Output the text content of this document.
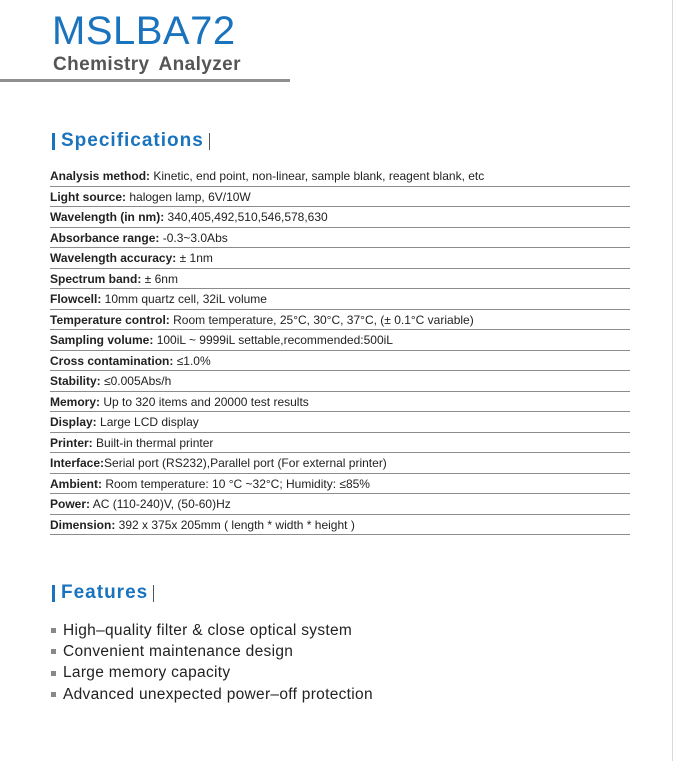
MSLBA72
Chemistry Analyzer
Specifications
Analysis method: Kinetic, end point, non-linear, sample blank, reagent blank, etc
Light source: halogen lamp, 6V/10W
Wavelength (in nm): 340,405,492,510,546,578,630
Absorbance range: -0.3~3.0Abs
Wavelength accuracy: ± 1nm
Spectrum band: ± 6nm
Flowcell: 10mm quartz cell, 32iL volume
Temperature control: Room temperature, 25°C, 30°C, 37°C, (± 0.1°C variable)
Sampling volume: 100iL ~ 9999iL settable,recommended:500iL
Cross contamination: ≤1.0%
Stability: ≤0.005Abs/h
Memory: Up to 320 items and 20000 test results
Display: Large LCD display
Printer: Built-in thermal printer
Interface:Serial port (RS232),Parallel port (For external printer)
Ambient: Room temperature: 10 °C ~32°C; Humidity: ≤85%
Power: AC (110-240)V, (50-60)Hz
Dimension: 392 x 375x 205mm ( length * width * height )
Features
High–quality filter & close optical system
Convenient maintenance design
Large memory capacity
Advanced unexpected power–off protection
